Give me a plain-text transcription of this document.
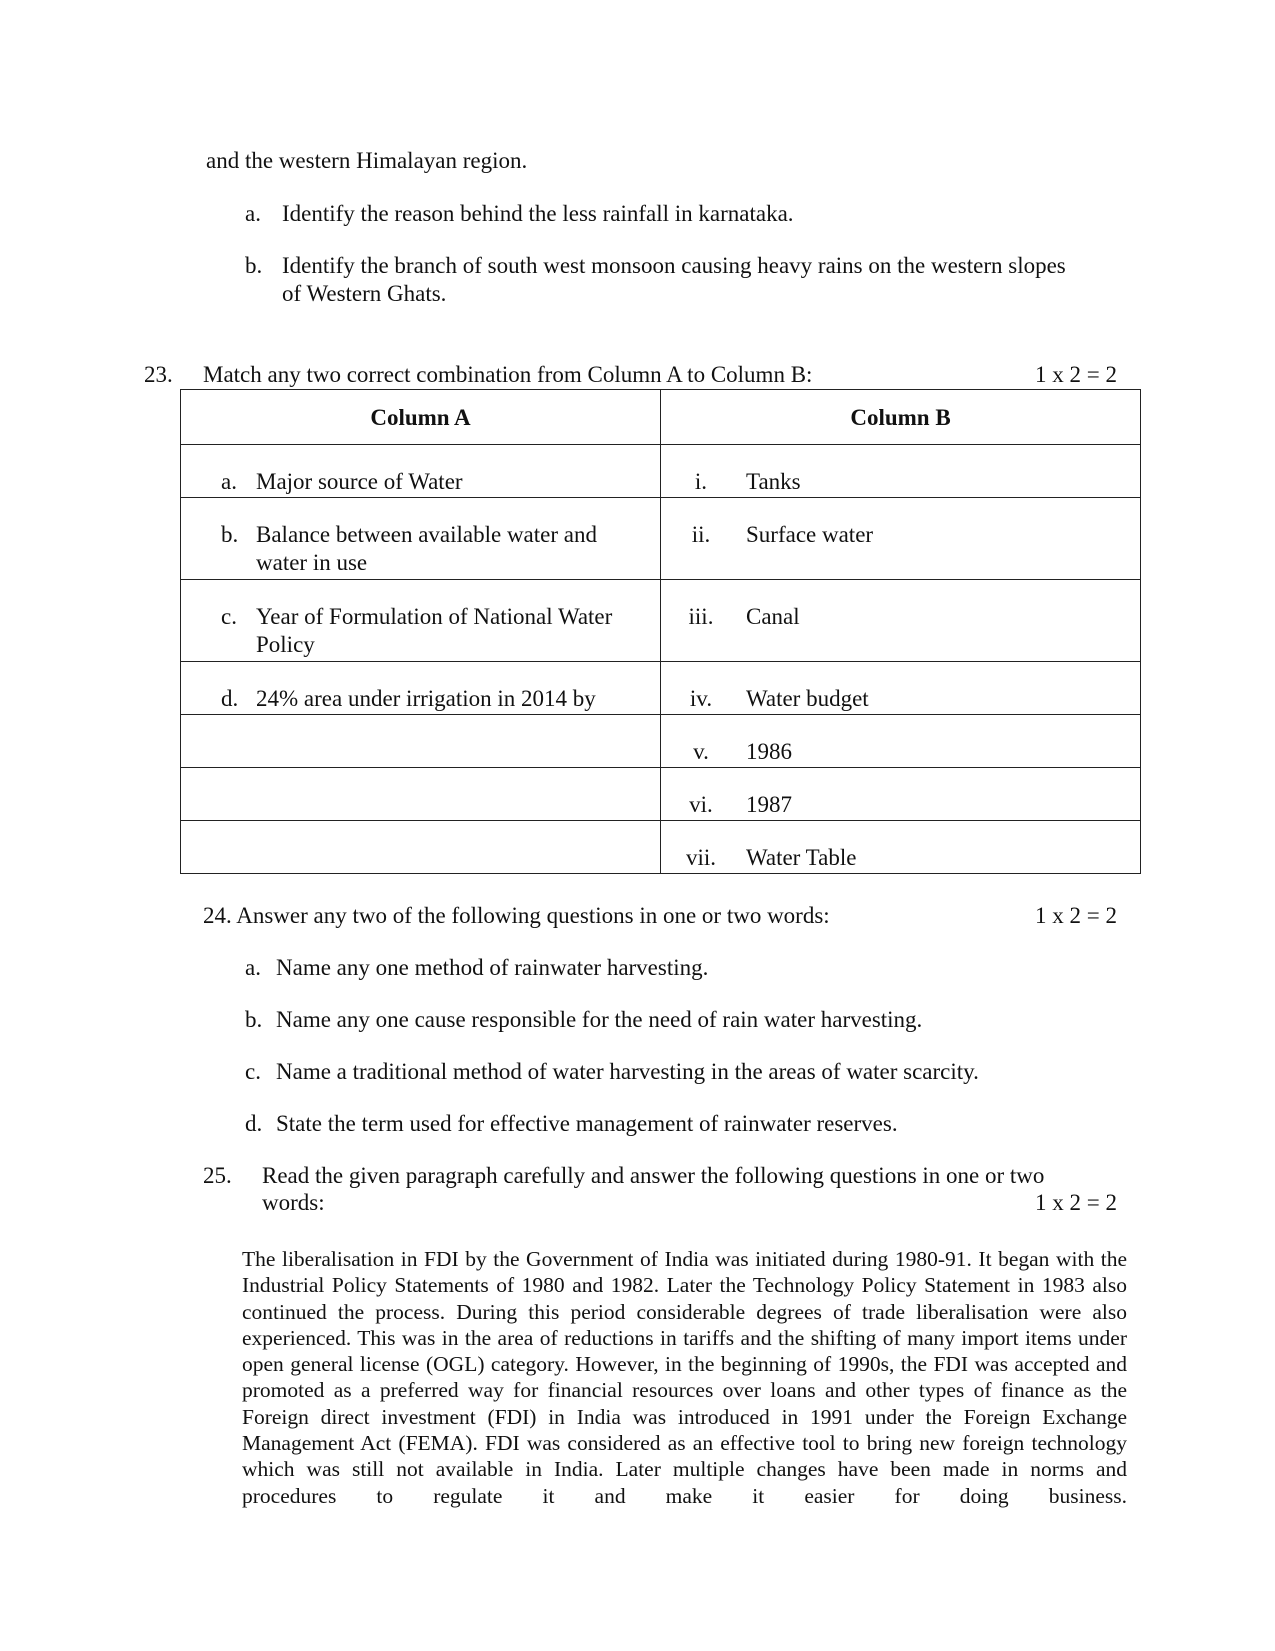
and the western Himalayan region.
a. Identify the reason behind the less rainfall in karnataka.
b. Identify the branch of south west monsoon causing heavy rains on the western slopes
of Western Ghats.
23. Match any two correct combination from Column A to Column B:	1 x 2 = 2
Column A	Column B

a. Major source of Water	i. Tanks

b. Balance between available water and water in use	ii. Surface water

c. Year of Formulation of National Water Policy	iii. Canal

d. 24% area under irrigation in 2014 by	iv. Water budget

	v. 1986

	vi. 1987

	vii. Water Table
24. Answer any two of the following questions in one or two words:	1 x 2 = 2
a. Name any one method of rainwater harvesting.
b. Name any one cause responsible for the need of rain water harvesting.
c. Name a traditional method of water harvesting in the areas of water scarcity.
d. State the term used for effective management of rainwater reserves.
25. Read the given paragraph carefully and answer the following questions in one or two
words:	1 x 2 = 2
The liberalisation in FDI by the Government of India was initiated during 1980-91. It began with the Industrial Policy Statements of 1980 and 1982. Later the Technology Policy Statement in 1983 also continued the process. During this period considerable degrees of trade liberalisation were also experienced. This was in the area of reductions in tariffs and the shifting of many import items under open general license (OGL) category. However, in the beginning of 1990s, the FDI was accepted and promoted as a preferred way for financial resources over loans and other types of finance as the Foreign direct investment (FDI) in India was introduced in 1991 under the Foreign Exchange Management Act (FEMA). FDI was considered as an effective tool to bring new foreign technology which was still not available in India. Later multiple changes have been made in norms and procedures to regulate it and make it easier for doing business.
